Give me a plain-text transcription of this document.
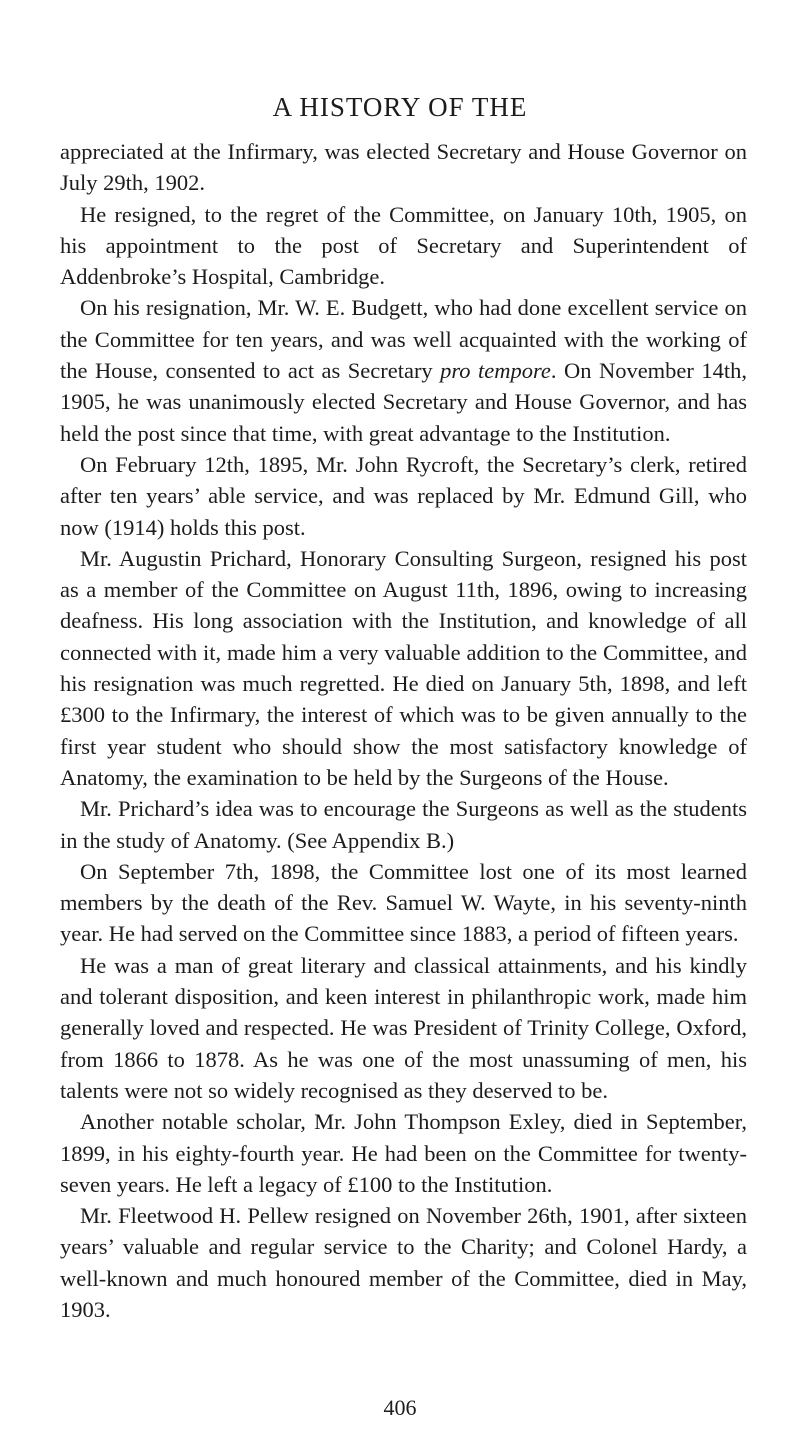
A HISTORY OF THE

appreciated at the Infirmary, was elected Secretary and House Governor on July 29th, 1902.

He resigned, to the regret of the Committee, on January 10th, 1905, on his appointment to the post of Secretary and Superintendent of Addenbroke’s Hospital, Cambridge.

On his resignation, Mr. W. E. Budgett, who had done excellent service on the Committee for ten years, and was well acquainted with the working of the House, consented to act as Secretary pro tempore. On November 14th, 1905, he was unanimously elected Secretary and House Governor, and has held the post since that time, with great advantage to the Institution.

On February 12th, 1895, Mr. John Rycroft, the Secretary’s clerk, retired after ten years’ able service, and was replaced by Mr. Edmund Gill, who now (1914) holds this post.

Mr. Augustin Prichard, Honorary Consulting Surgeon, resigned his post as a member of the Committee on August 11th, 1896, owing to increasing deafness. His long association with the Institution, and knowledge of all connected with it, made him a very valuable addition to the Committee, and his resignation was much regretted. He died on January 5th, 1898, and left £300 to the Infirmary, the interest of which was to be given annually to the first year student who should show the most satisfactory knowledge of Anatomy, the examination to be held by the Surgeons of the House.

Mr. Prichard’s idea was to encourage the Surgeons as well as the students in the study of Anatomy. (See Appendix B.)

On September 7th, 1898, the Committee lost one of its most learned members by the death of the Rev. Samuel W. Wayte, in his seventy-ninth year. He had served on the Committee since 1883, a period of fifteen years.

He was a man of great literary and classical attainments, and his kindly and tolerant disposition, and keen interest in philanthropic work, made him generally loved and respected. He was President of Trinity College, Oxford, from 1866 to 1878. As he was one of the most unassuming of men, his talents were not so widely recognised as they deserved to be.

Another notable scholar, Mr. John Thompson Exley, died in September, 1899, in his eighty-fourth year. He had been on the Committee for twenty-seven years. He left a legacy of £100 to the Institution.

Mr. Fleetwood H. Pellew resigned on November 26th, 1901, after sixteen years’ valuable and regular service to the Charity; and Colonel Hardy, a well-known and much honoured member of the Committee, died in May, 1903.

406
